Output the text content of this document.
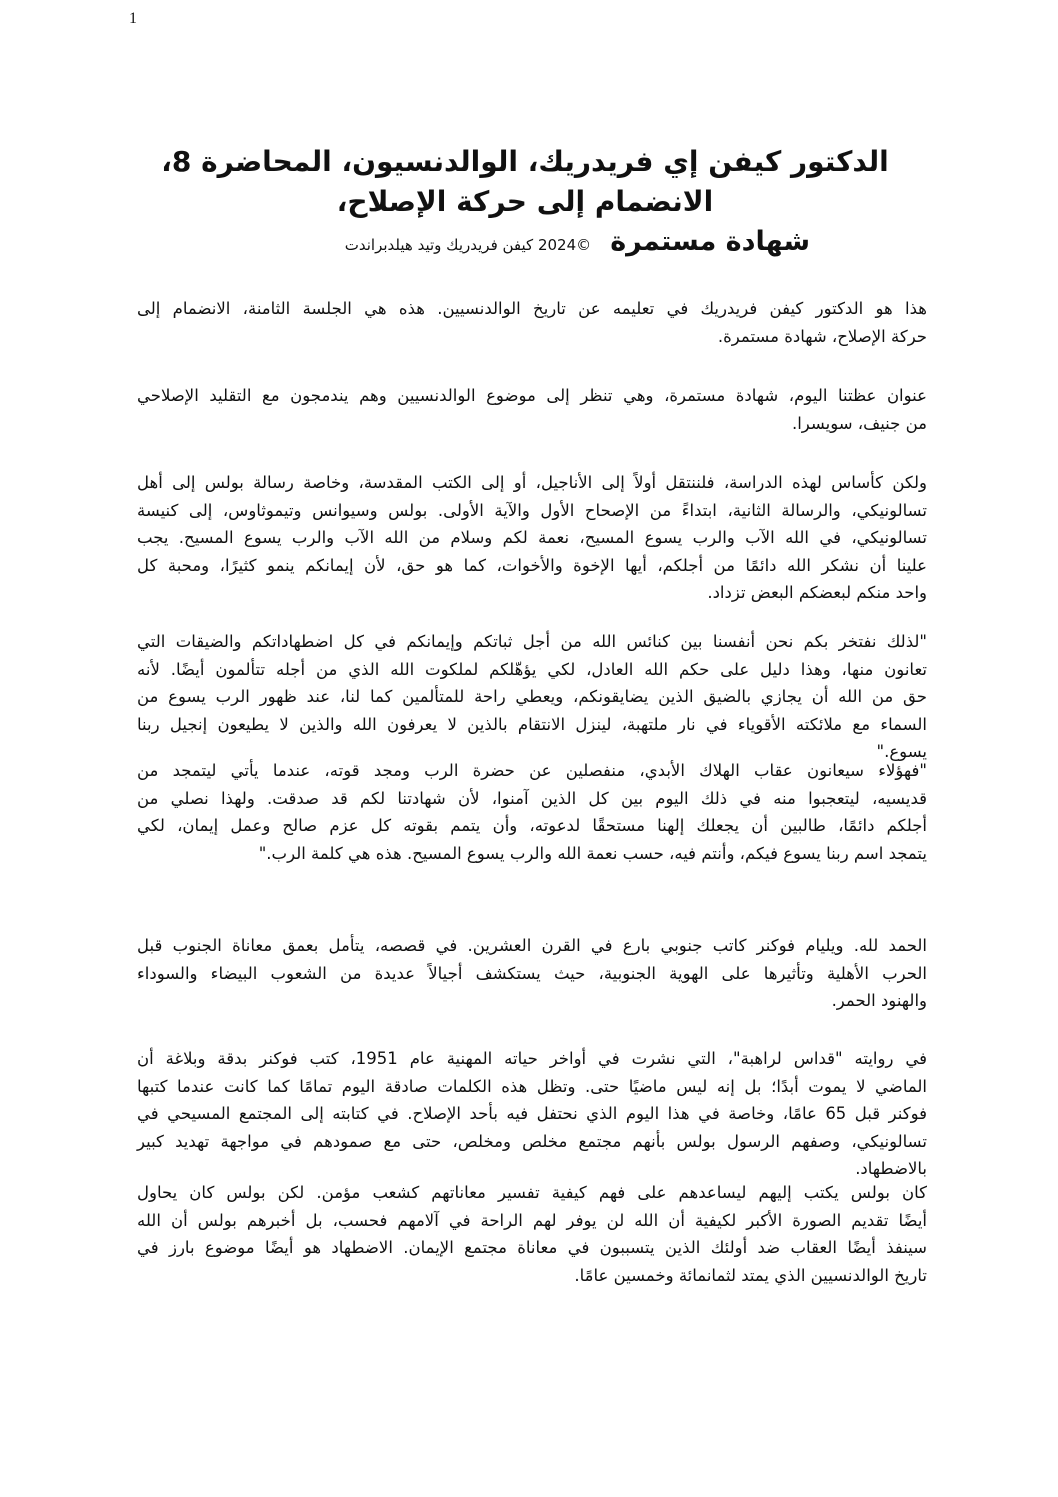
1
الدكتور كيفن إي فريدريك، الوالدنسيون، المحاضرة 8،
الانضمام إلى حركة الإصلاح،
شهادة مستمرة ©2024 كيفن فريدريك وتيد هيلدبراندت
هذا هو الدكتور كيفن فريدريك في تعليمه عن تاريخ الوالدنسيين. هذه هي الجلسة الثامنة، الانضمام إلى
حركة الإصلاح، شهادة مستمرة.
عنوان عظتنا اليوم، شهادة مستمرة، وهي تنظر إلى موضوع الوالدنسيين وهم يندمجون مع التقليد الإصلاحي
من جنيف، سويسرا.
ولكن كأساس لهذه الدراسة، فلننتقل أولاً إلى الأناجيل، أو إلى الكتب المقدسة، وخاصة رسالة بولس إلى أهل
تسالونيكي، والرسالة الثانية، ابتداءً من الإصحاح الأول والآية الأولى. بولس وسيوانس وتيموثاوس، إلى كنيسة
تسالونيكي، في الله الآب والرب يسوع المسيح، نعمة لكم وسلام من الله الآب والرب يسوع المسيح. يجب
علينا أن نشكر الله دائمًا من أجلكم، أيها الإخوة والأخوات، كما هو حق، لأن إيمانكم ينمو كثيرًا، ومحبة كل
واحد منكم لبعضكم البعض تزداد.
"لذلك نفتخر بكم نحن أنفسنا بين كنائس الله من أجل ثباتكم وإيمانكم في كل اضطهاداتكم والضيقات التي
تعانون منها، وهذا دليل على حكم الله العادل، لكي يؤهّلكم لملكوت الله الذي من أجله تتألمون أيضًا. لأنه
حق من الله أن يجازي بالضيق الذين يضايقونكم، ويعطي راحة للمتألمين كما لنا، عند ظهور الرب يسوع من
السماء مع ملائكته الأقوياء في نار ملتهبة، لينزل الانتقام بالذين لا يعرفون الله والذين لا يطيعون إنجيل ربنا
يسوع."
"فهؤلاء سيعانون عقاب الهلاك الأبدي، منفصلين عن حضرة الرب ومجد قوته، عندما يأتي ليتمجد من
قديسيه، ليتعجبوا منه في ذلك اليوم بين كل الذين آمنوا، لأن شهادتنا لكم قد صدقت. ولهذا نصلي من
أجلكم دائمًا، طالبين أن يجعلك إلهنا مستحقًا لدعوته، وأن يتمم بقوته كل عزم صالح وعمل إيمان، لكي
يتمجد اسم ربنا يسوع فيكم، وأنتم فيه، حسب نعمة الله والرب يسوع المسيح. هذه هي كلمة الرب."
الحمد لله. ويليام فوكنر كاتب جنوبي بارع في القرن العشرين. في قصصه، يتأمل بعمق معاناة الجنوب قبل
الحرب الأهلية وتأثيرها على الهوية الجنوبية، حيث يستكشف أجيالاً عديدة من الشعوب البيضاء والسوداء
والهنود الحمر.
في روايته "قداس لراهبة"، التي نشرت في أواخر حياته المهنية عام 1951، كتب فوكنر بدقة وبلاغة أن
الماضي لا يموت أبدًا؛ بل إنه ليس ماضيًا حتى. وتظل هذه الكلمات صادقة اليوم تمامًا كما كانت عندما كتبها
فوكنر قبل 65 عامًا، وخاصة في هذا اليوم الذي نحتفل فيه بأحد الإصلاح. في كتابته إلى المجتمع المسيحي في
تسالونيكي، وصفهم الرسول بولس بأنهم مجتمع مخلص ومخلص، حتى مع صمودهم في مواجهة تهديد كبير
بالاضطهاد.
كان بولس يكتب إليهم ليساعدهم على فهم كيفية تفسير معاناتهم كشعب مؤمن. لكن بولس كان يحاول
أيضًا تقديم الصورة الأكبر لكيفية أن الله لن يوفر لهم الراحة في آلامهم فحسب، بل أخبرهم بولس أن الله
سينفذ أيضًا العقاب ضد أولئك الذين يتسببون في معاناة مجتمع الإيمان. الاضطهاد هو أيضًا موضوع بارز في
تاريخ الوالدنسيين الذي يمتد لثمانمائة وخمسين عامًا.
